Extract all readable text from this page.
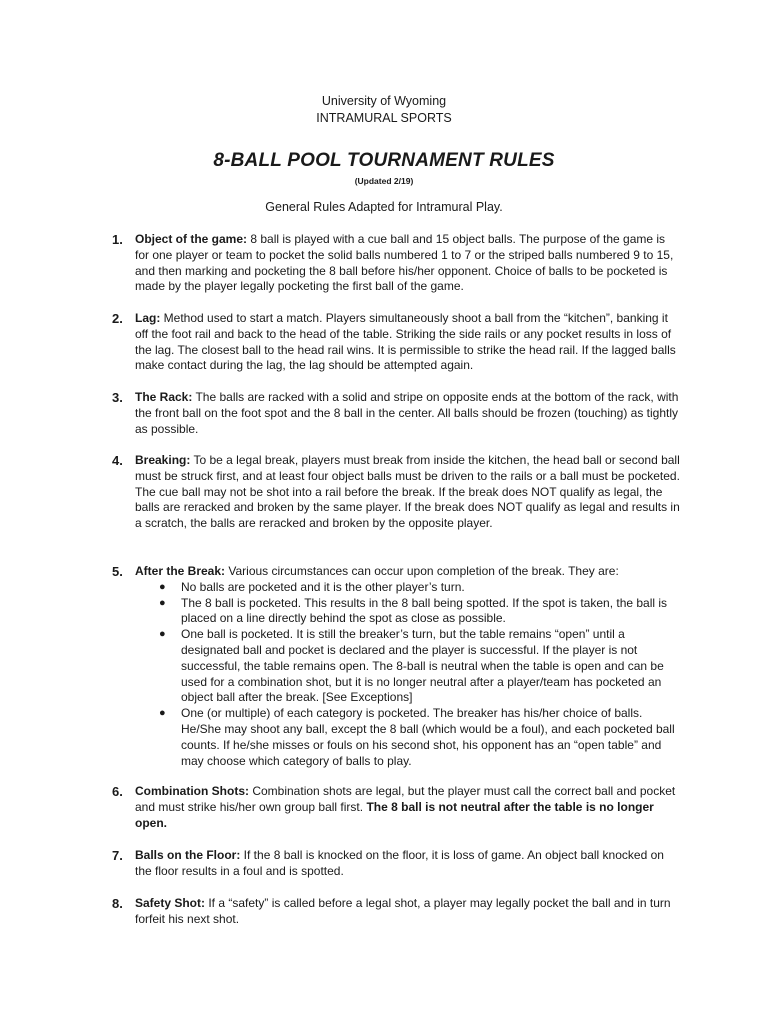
University of Wyoming
INTRAMURAL SPORTS
8-BALL POOL TOURNAMENT RULES
(Updated 2/19)
General Rules Adapted for Intramural Play.
1. Object of the game: 8 ball is played with a cue ball and 15 object balls. The purpose of the game is for one player or team to pocket the solid balls numbered 1 to 7 or the striped balls numbered 9 to 15, and then marking and pocketing the 8 ball before his/her opponent. Choice of balls to be pocketed is made by the player legally pocketing the first ball of the game.
2. Lag: Method used to start a match. Players simultaneously shoot a ball from the “kitchen”, banking it off the foot rail and back to the head of the table. Striking the side rails or any pocket results in loss of the lag. The closest ball to the head rail wins. It is permissible to strike the head rail. If the lagged balls make contact during the lag, the lag should be attempted again.
3. The Rack: The balls are racked with a solid and stripe on opposite ends at the bottom of the rack, with the front ball on the foot spot and the 8 ball in the center. All balls should be frozen (touching) as tightly as possible.
4. Breaking: To be a legal break, players must break from inside the kitchen, the head ball or second ball must be struck first, and at least four object balls must be driven to the rails or a ball must be pocketed. The cue ball may not be shot into a rail before the break. If the break does NOT qualify as legal, the balls are reracked and broken by the same player. If the break does NOT qualify as legal and results in a scratch, the balls are reracked and broken by the opposite player.
5. After the Break: Various circumstances can occur upon completion of the break. They are:
● No balls are pocketed and it is the other player’s turn.
● The 8 ball is pocketed. This results in the 8 ball being spotted. If the spot is taken, the ball is placed on a line directly behind the spot as close as possible.
● One ball is pocketed. It is still the breaker’s turn, but the table remains “open” until a designated ball and pocket is declared and the player is successful. If the player is not successful, the table remains open. The 8-ball is neutral when the table is open and can be used for a combination shot, but it is no longer neutral after a player/team has pocketed an object ball after the break. [See Exceptions]
● One (or multiple) of each category is pocketed. The breaker has his/her choice of balls. He/She may shoot any ball, except the 8 ball (which would be a foul), and each pocketed ball counts. If he/she misses or fouls on his second shot, his opponent has an “open table” and may choose which category of balls to play.
6. Combination Shots: Combination shots are legal, but the player must call the correct ball and pocket and must strike his/her own group ball first. The 8 ball is not neutral after the table is no longer open.
7. Balls on the Floor: If the 8 ball is knocked on the floor, it is loss of game. An object ball knocked on the floor results in a foul and is spotted.
8. Safety Shot: If a “safety” is called before a legal shot, a player may legally pocket the ball and in turn forfeit his next shot.
